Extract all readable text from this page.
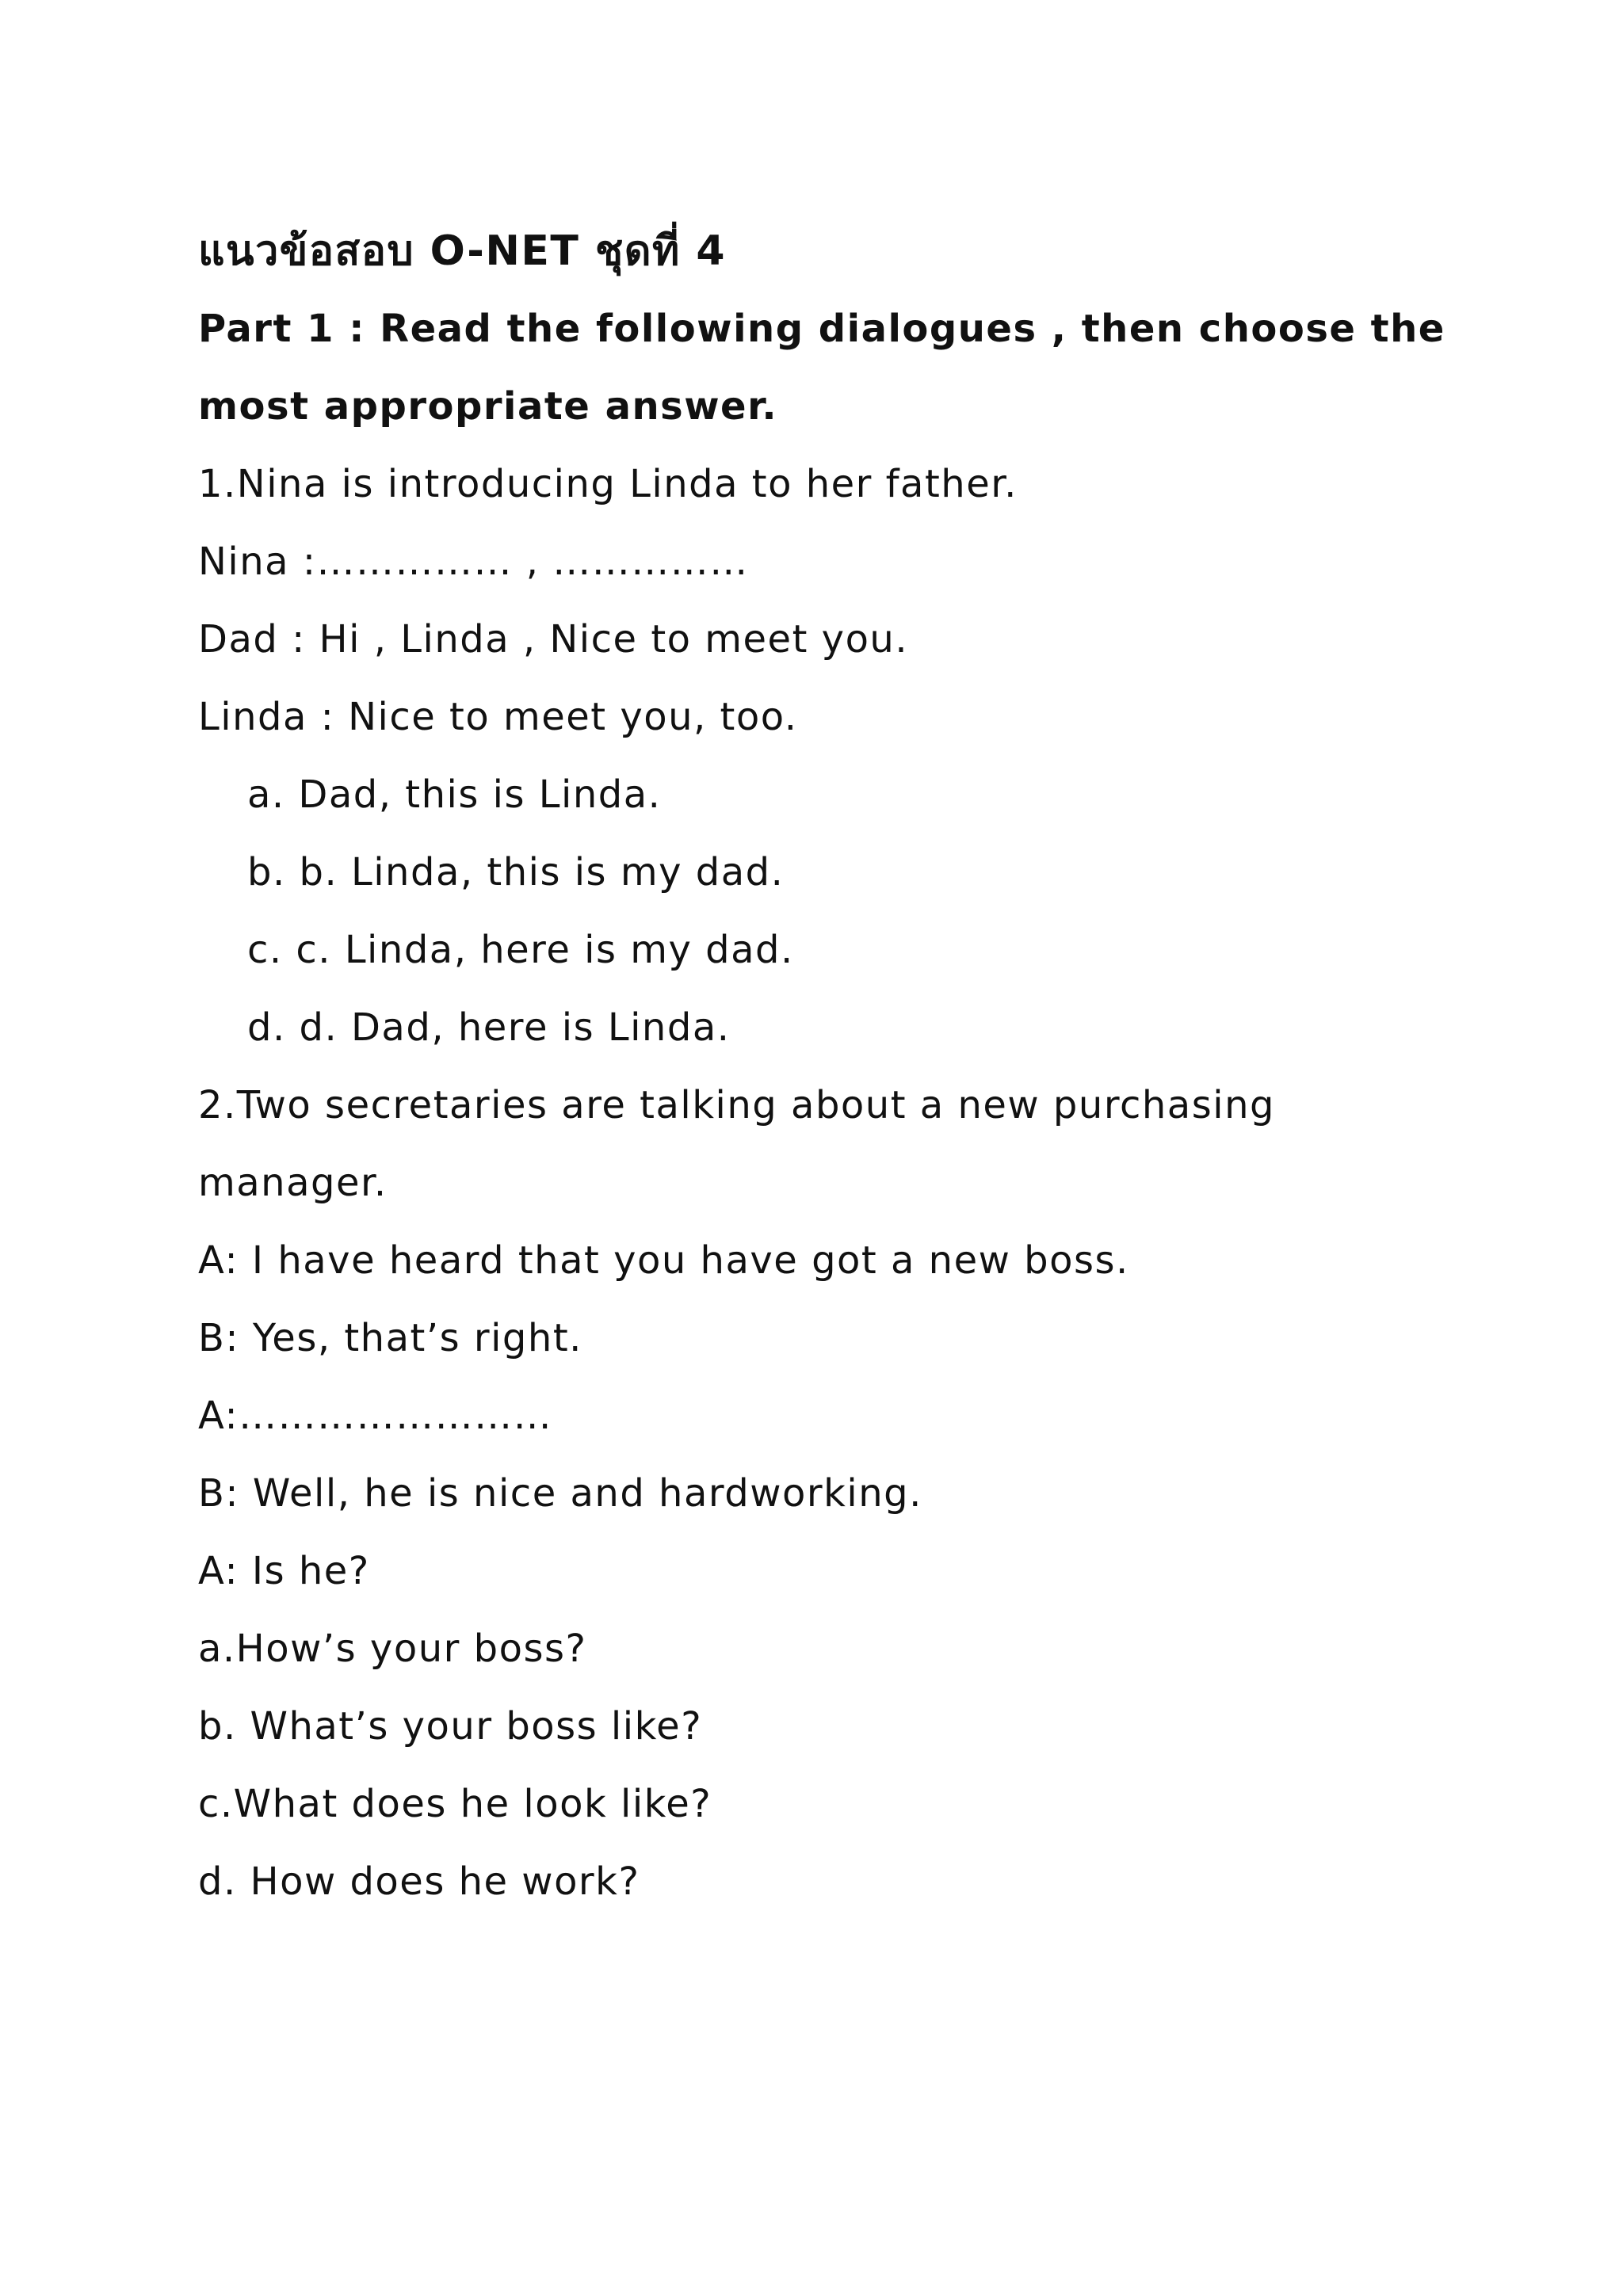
แนวข้อสอบ O-NET ชุดที่ 4
Part 1 : Read the following dialogues , then choose the
most appropriate answer.
1.Nina is introducing Linda to her father.
Nina :…………… , ……………
Dad : Hi , Linda , Nice to meet you.
Linda : Nice to meet you, too.
a. Dad, this is Linda.
b. b. Linda, this is my dad.
c. c. Linda, here is my dad.
d. d. Dad, here is Linda.
2.Two secretaries are talking about a new purchasing
manager.
A: I have heard that you have got a new boss.
B: Yes, that’s right.
A:……………………
B: Well, he is nice and hardworking.
A: Is he?
a.How’s your boss?
b. What’s your boss like?
c.What does he look like?
d. How does he work?
